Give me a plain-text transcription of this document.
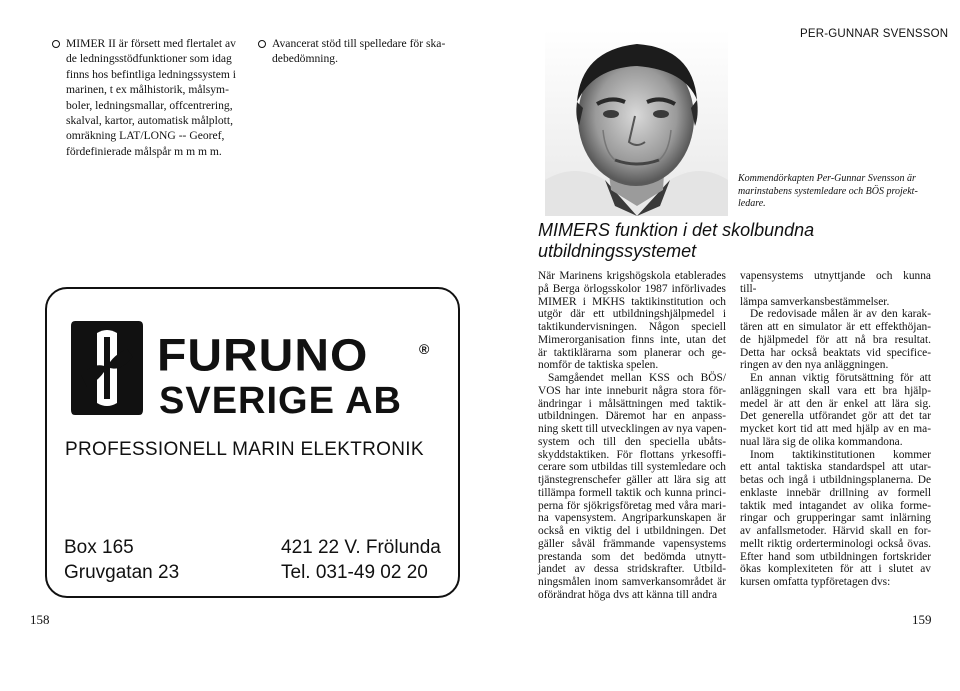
MIMER II är försett med flertalet av
de ledningsstödfunktioner som idag
finns hos befintliga ledningssystem i
marinen, t ex målhistorik, målsym-
boler, ledningsmallar, offcentrering,
skalval, kartor, automatisk målplott,
omräkning LAT/LONG -- Georef,
fördefinierade målspår m m m m.
Avancerat stöd till spelledare för ska-
debedömning.
FURUNO	®
SVERIGE AB
PROFESSIONELL MARIN ELEKTRONIK
Box 165
Gruvgatan 23
421 22 V. Frölunda
Tel. 031-49 02 20
158
PER-GUNNAR SVENSSON
Kommendörkapten Per-Gunnar Svensson är
marinstabens systemledare och BÖS projekt-
ledare.
MIMERS funktion i det skolbundna
utbildningssystemet
När Marinens krigshögskola etablerades
på Berga örlogsskolor 1987 införlivades
MIMER i MKHS taktikinstitution och
utgör där ett utbildningshjälpmedel i
taktikundervisningen. Någon speciell
Mimerorganisation finns inte, utan det
är taktiklärarna som planerar och ge-
nomför de taktiska spelen.
Samgåendet mellan KSS och BÖS/
VOS har inte inneburit några stora för-
ändringar i målsättningen med taktik-
utbildningen. Däremot har en anpass-
ning skett till utvecklingen av nya vapen-
system och till den speciella ubåts-
skyddstaktiken. För flottans yrkesoffi-
cerare som utbildas till systemledare och
tjänstegrenschefer gäller att lära sig att
tillämpa formell taktik och kunna princi-
perna för sjökrigsföretag med våra mari-
na vapensystem. Angriparkunskapen är
också en viktig del i utbildningen. Det
gäller såväl främmande vapensystems
prestanda som det bedömda utnytt-
jandet av dessa stridskrafter. Utbild-
ningsmålen inom samverkansområdet är
oförändrat höga dvs att känna till andra
vapensystems utnyttjande och kunna
till-
lämpa samverkansbestämmelser.
De redovisade målen är av den karak-
tären att en simulator är ett effekthöjan-
de hjälpmedel för att nå bra resultat.
Detta har också beaktats vid specifice-
ringen av den nya anläggningen.
En annan viktig förutsättning för att
anläggningen skall vara ett bra hjälp-
medel är att den är enkel att lära sig.
Det generella utförandet gör att det tar
mycket kort tid att med hjälp av en ma-
nual lära sig de olika kommandona.
Inom taktikinstitutionen kommer
ett antal taktiska standardspel att utar-
betas och ingå i utbildningsplanerna. De
enklaste innebär drillning av formell
taktik med intagandet av olika forme-
ringar och grupperingar samt inlärning
av anfallsmetoder. Härvid skall en for-
mellt riktig orderterminologi också övas.
Efter hand som utbildningen fortskrider
ökas komplexiteten för att i slutet av
kursen omfatta typföretagen dvs:
159
